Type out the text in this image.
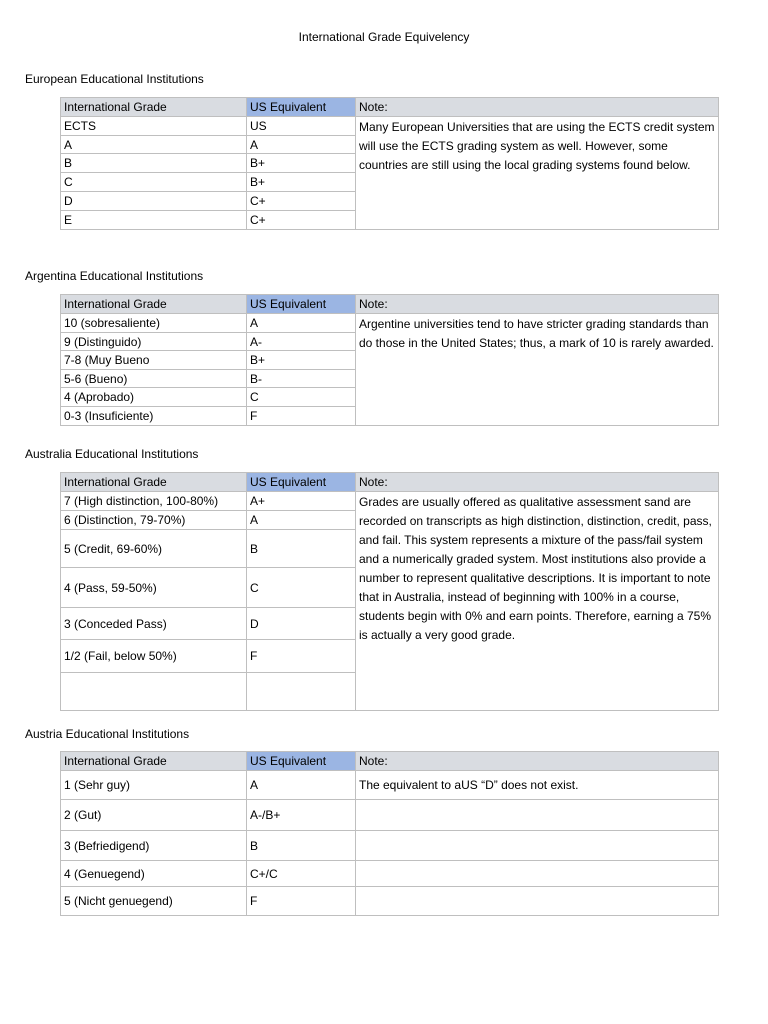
International Grade Equivelency
European Educational Institutions
International Grade	US Equivalent	Note:
ECTS	US	Many European Universities that are using the ECTS credit system will use the ECTS grading system as well. However, some countries are still using the local grading systems found below.
A	A	
B	B+	
C	B+	
D	C+	
E	C+	
Argentina Educational Institutions
International Grade	US Equivalent	Note:
10 (sobresaliente)	A	Argentine universities tend to have stricter grading standards than do those in the United States; thus, a mark of 10 is rarely awarded.
9 (Distinguido)	A-	
7-8 (Muy Bueno	B+	
5-6 (Bueno)	B-	
4 (Aprobado)	C	
0-3 (Insuficiente)	F	
Australia Educational Institutions
International Grade	US Equivalent	Note:
7 (High distinction, 100-80%)	A+	Grades are usually offered as qualitative assessment sand are recorded on transcripts as high distinction, distinction, credit, pass, and fail. This system represents a mixture of the pass/fail system and a numerically graded system. Most institutions also provide a number to represent qualitative descriptions. It is important to note that in Australia, instead of beginning with 100% in a course, students begin with 0% and earn points. Therefore, earning a 75% is actually a very good grade.
6 (Distinction, 79-70%)	A	
5 (Credit, 69-60%)	B	
4 (Pass, 59-50%)	C	
3 (Conceded Pass)	D	
1/2 (Fail, below 50%)	F	

Austria Educational Institutions
International Grade	US Equivalent	Note:
1 (Sehr guy)	A	The equivalent to aUS “D” does not exist.
2 (Gut)	A-/B+	
3 (Befriedigend)	B	
4 (Genuegend)	C+/C	
5 (Nicht genuegend)	F	
